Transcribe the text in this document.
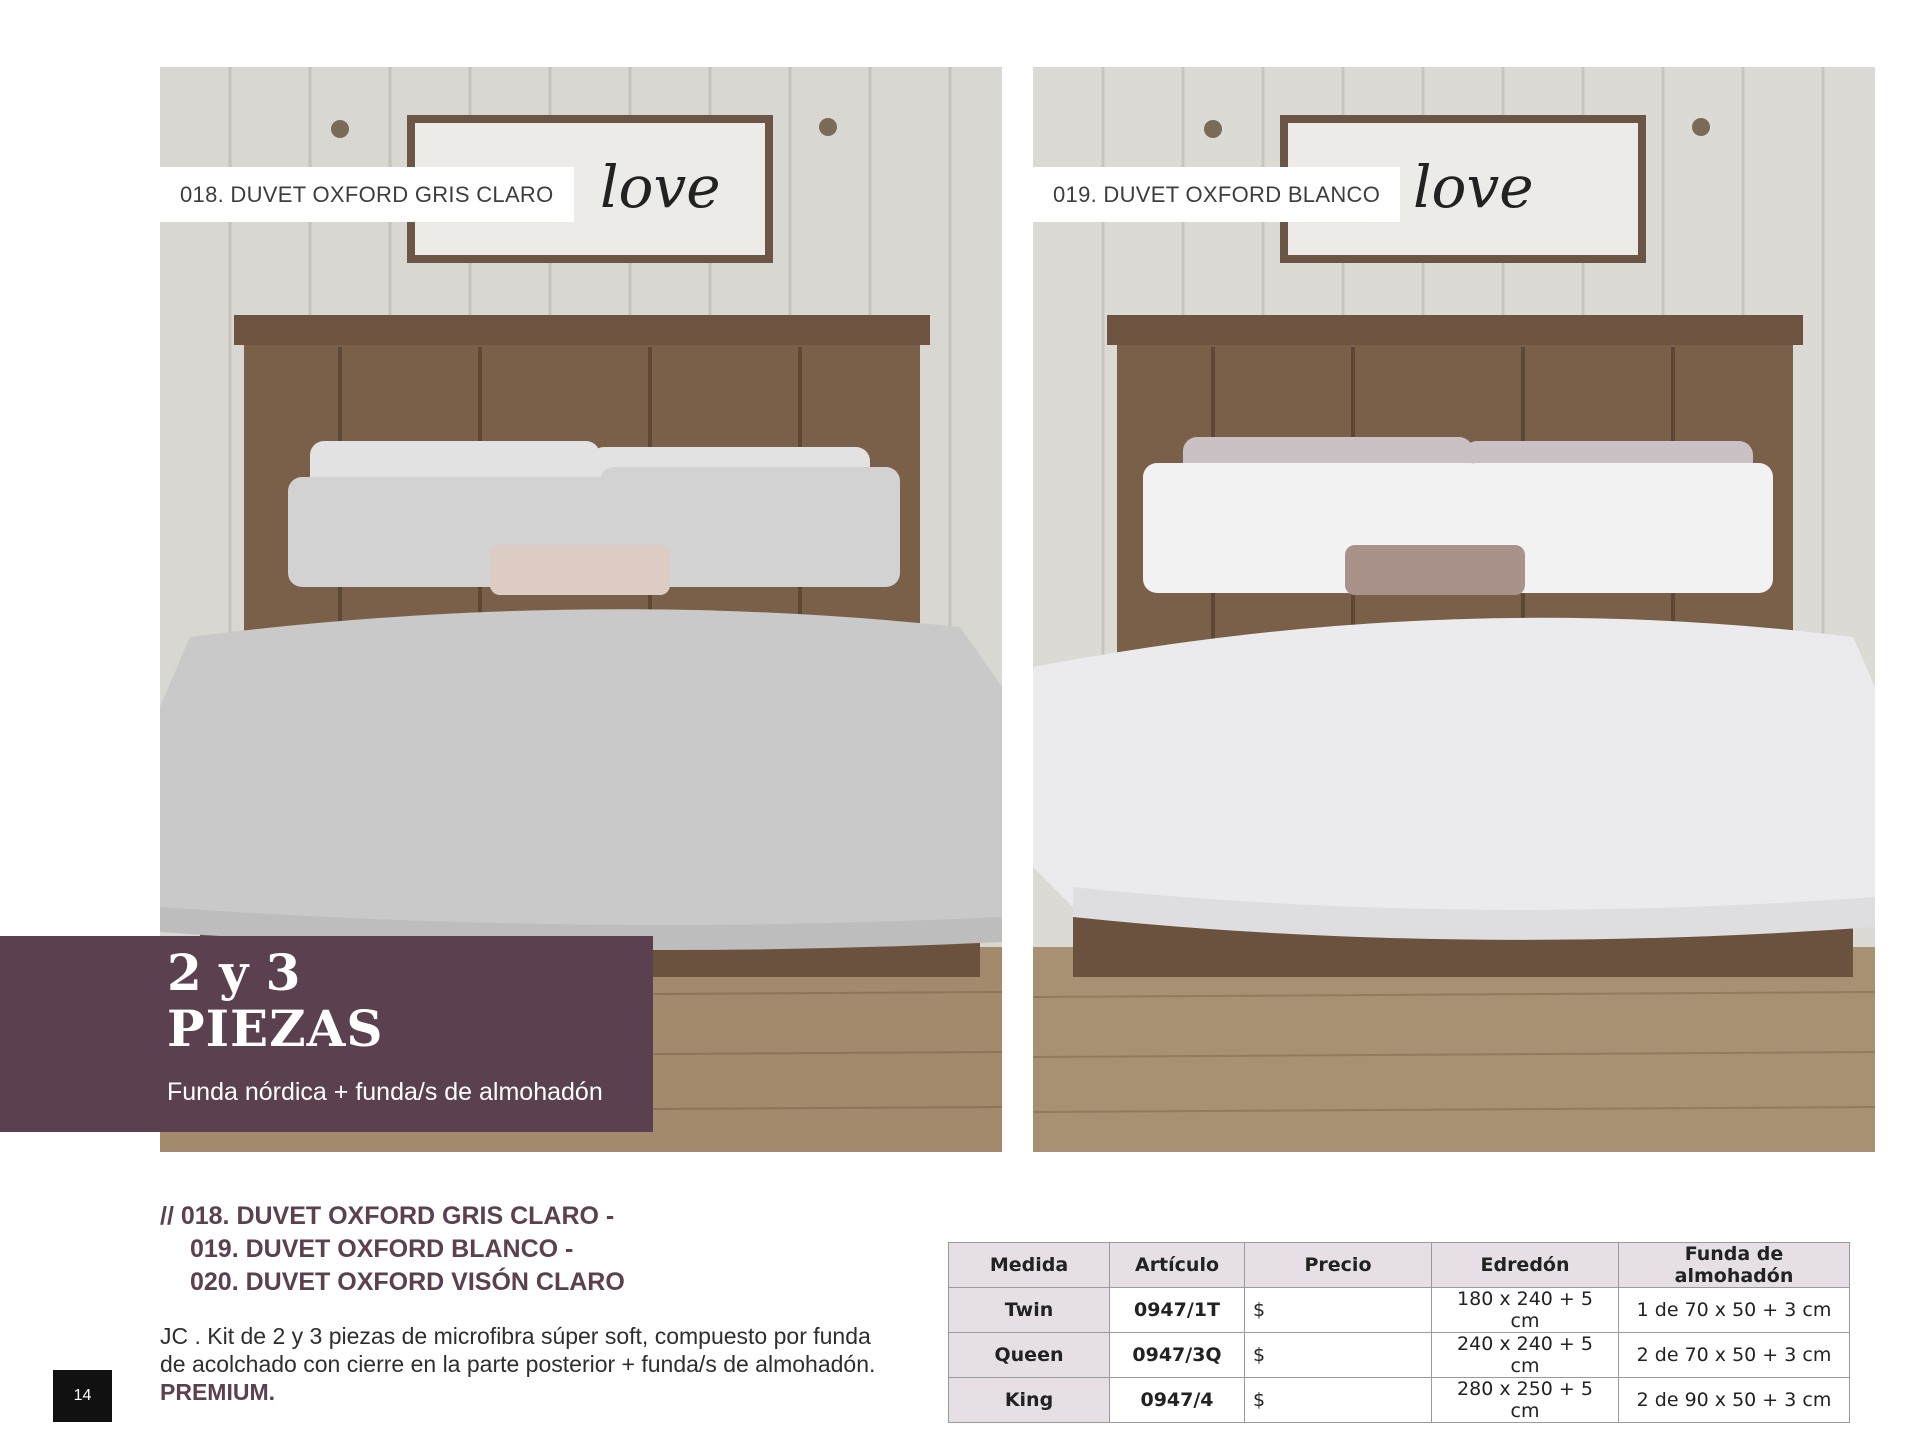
love
018. DUVET OXFORD GRIS CLARO	love
019. DUVET OXFORD BLANCO
2 y 3
PIEZAS
Funda nórdica + funda/s de almohadón
// 018. DUVET OXFORD GRIS CLARO -
019. DUVET OXFORD BLANCO -
020. DUVET OXFORD VISÓN CLARO
JC . Kit de 2 y 3 piezas de microfibra súper soft, compuesto por funda de acolchado con cierre en la parte posterior + funda/s de almohadón. PREMIUM.
14
Medida	Artículo	Precio	Edredón	Funda de almohadón
Twin	0947/1T	$	180 x 240 + 5 cm	1 de 70 x 50 + 3 cm
Queen	0947/3Q	$	240 x 240 + 5 cm	2 de 70 x 50 + 3 cm
King	0947/4	$	280 x 250 + 5 cm	2 de 90 x 50 + 3 cm
